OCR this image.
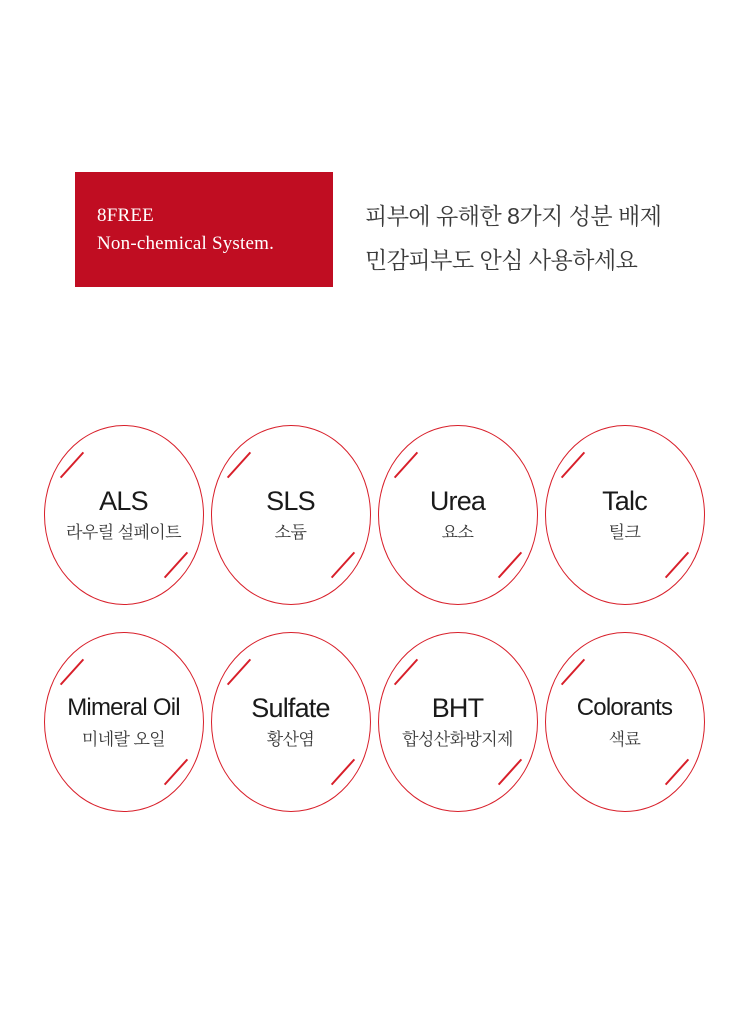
8FREE
Non-chemical System.
피부에 유해한 8가지 성분 배제
민감피부도 안심 사용하세요
ALS
라우릴 설페이트
SLS
소듐
Urea
요소
Talc
틸크
Mimeral Oil
미네랄 오일
Sulfate
황산염
BHT
합성산화방지제
Colorants
색료
